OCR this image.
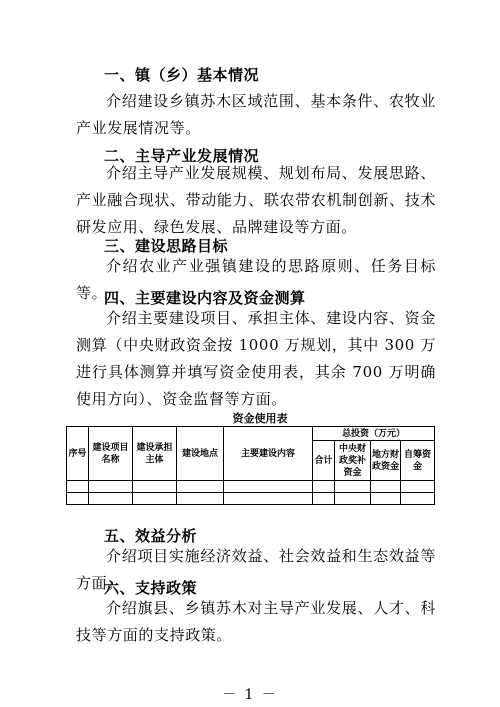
一、镇（乡）基本情况
介绍建设乡镇苏木区域范围、基本条件、农牧业产业发展情况等。
二、主导产业发展情况
介绍主导产业发展规模、规划布局、发展思路、产业融合现状、带动能力、联农带农机制创新、技术研发应用、绿色发展、品牌建设等方面。
三、建设思路目标
介绍农业产业强镇建设的思路原则、任务目标等。
四、主要建设内容及资金测算
介绍主要建设项目、承担主体、建设内容、资金测算（中央财政资金按 1000 万规划，其中 300 万进行具体测算并填写资金使用表，其余 700 万明确使用方向）、资金监督等方面。
资金使用表
序号	建设项目名称	建设承担主体	建设地点	主要建设内容	总投资（万元）			
					合计	中央财政奖补资金	地方财政资金	自筹资金

五、效益分析
介绍项目实施经济效益、社会效益和生态效益等方面。
六、支持政策
介绍旗县、乡镇苏木对主导产业发展、人才、科技等方面的支持政策。
－ 1 －
